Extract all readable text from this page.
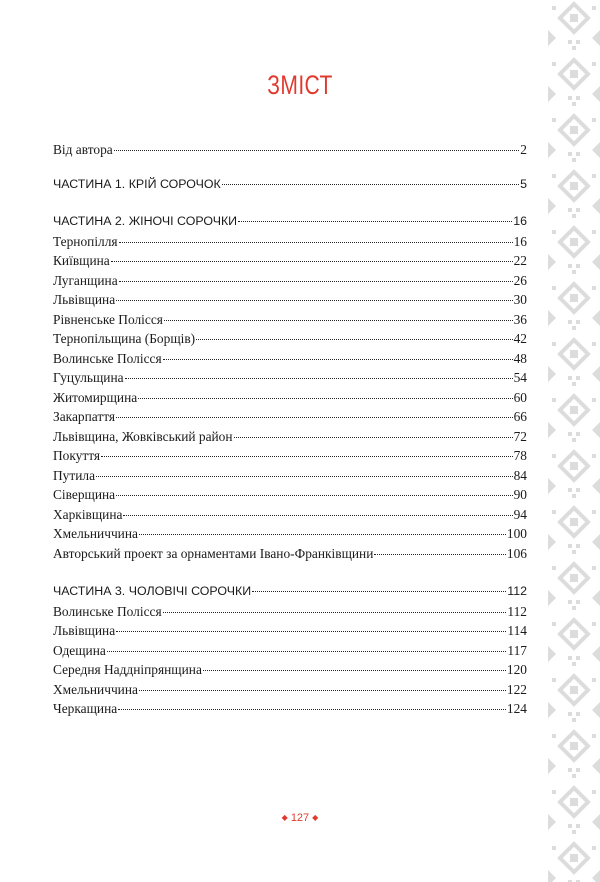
ЗМІСТ
Від автора	2
ЧАСТИНА 1. КРІЙ СОРОЧОК	5
ЧАСТИНА 2. ЖІНОЧІ СОРОЧКИ	16
Тернопілля	16
Київщина	22
Луганщина	26
Львівщина	30
Рівненське Полісся	36
Тернопільщина (Борщів)	42
Волинське Полісся	48
Гуцульщина	54
Житомирщина	60
Закарпаття	66
Львівщина, Жовківський район	72
Покуття	78
Путила	84
Сіверщина	90
Харківщина	94
Хмельниччина	100
Авторський проект за орнаментами Івано-Франківщини	106
ЧАСТИНА 3. ЧОЛОВІЧІ СОРОЧКИ	112
Волинське Полісся	112
Львівщина	114
Одещина	117
Середня Наддніпрянщина	120
Хмельниччина	122
Черкащина	124
◆ 127 ◆
